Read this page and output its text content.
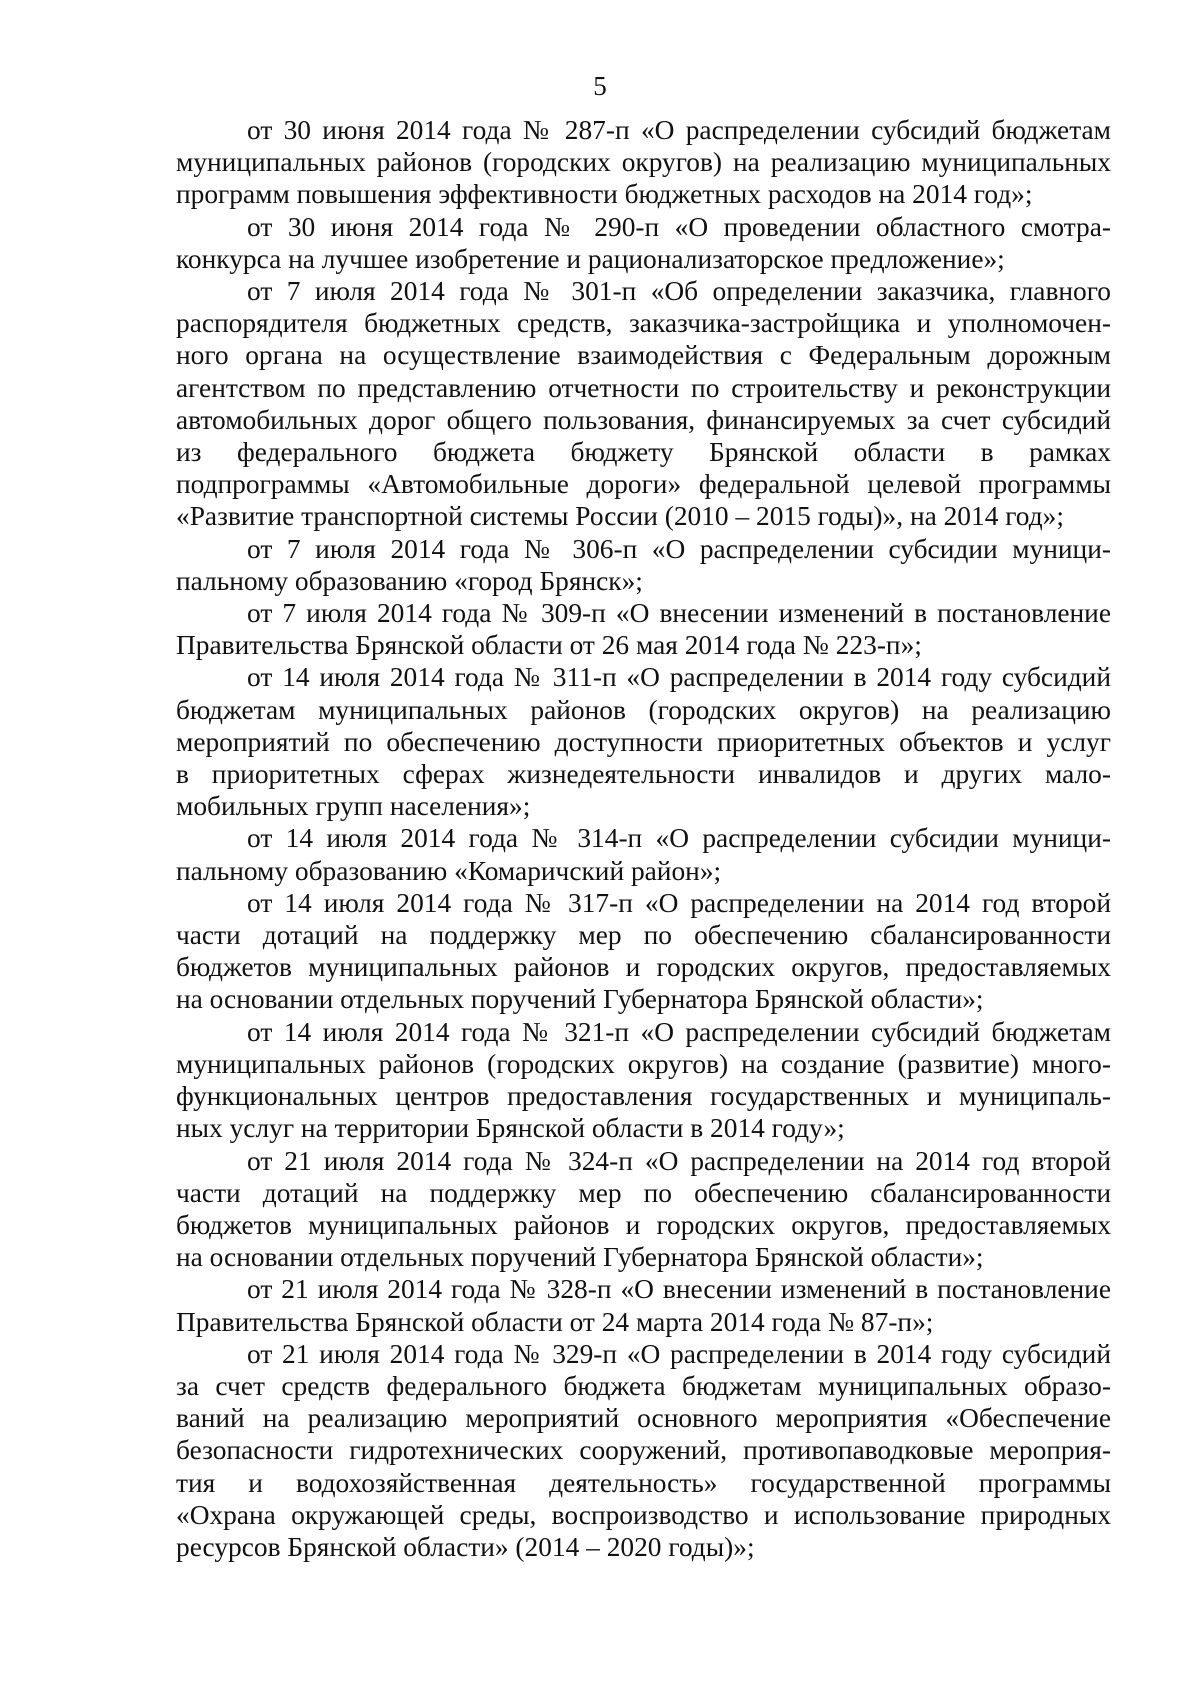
5

от 30 июня 2014 года № 287-п «О распределении субсидий бюджетам
муниципальных районов (городских округов) на реализацию муниципальных
программ повышения эффективности бюджетных расходов на 2014 год»;

от 30 июня 2014 года № 290-п «О проведении областного смотра-
конкурса на лучшее изобретение и рационализаторское предложение»;

от 7 июля 2014 года № 301-п «Об определении заказчика, главного
распорядителя бюджетных средств, заказчика-застройщика и уполномочен-
ного органа на осуществление взаимодействия с Федеральным дорожным
агентством по представлению отчетности по строительству и реконструкции
автомобильных дорог общего пользования, финансируемых за счет субсидий
из федерального бюджета бюджету Брянской области в рамках
подпрограммы «Автомобильные дороги» федеральной целевой программы
«Развитие транспортной системы России (2010 – 2015 годы)», на 2014 год»;

от 7 июля 2014 года № 306-п «О распределении субсидии муници-
пальному образованию «город Брянск»;

от 7 июля 2014 года № 309-п «О внесении изменений в постановление
Правительства Брянской области от 26 мая 2014 года № 223-п»;

от 14 июля 2014 года № 311-п «О распределении в 2014 году субсидий
бюджетам муниципальных районов (городских округов) на реализацию
мероприятий по обеспечению доступности приоритетных объектов и услуг
в приоритетных сферах жизнедеятельности инвалидов и других мало-
мобильных групп населения»;

от 14 июля 2014 года № 314-п «О распределении субсидии муници-
пальному образованию «Комаричский район»;

от 14 июля 2014 года № 317-п «О распределении на 2014 год второй
части дотаций на поддержку мер по обеспечению сбалансированности
бюджетов муниципальных районов и городских округов, предоставляемых
на основании отдельных поручений Губернатора Брянской области»;

от 14 июля 2014 года № 321-п «О распределении субсидий бюджетам
муниципальных районов (городских округов) на создание (развитие) много-
функциональных центров предоставления государственных и муниципаль-
ных услуг на территории Брянской области в 2014 году»;

от 21 июля 2014 года № 324-п «О распределении на 2014 год второй
части дотаций на поддержку мер по обеспечению сбалансированности
бюджетов муниципальных районов и городских округов, предоставляемых
на основании отдельных поручений Губернатора Брянской области»;

от 21 июля 2014 года № 328-п «О внесении изменений в постановление
Правительства Брянской области от 24 марта 2014 года № 87-п»;

от 21 июля 2014 года № 329-п «О распределении в 2014 году субсидий
за счет средств федерального бюджета бюджетам муниципальных образо-
ваний на реализацию мероприятий основного мероприятия «Обеспечение
безопасности гидротехнических сооружений, противопаводковые мероприя-
тия и водохозяйственная деятельность» государственной программы
«Охрана окружающей среды, воспроизводство и использование природных
ресурсов Брянской области» (2014 – 2020 годы)»;
